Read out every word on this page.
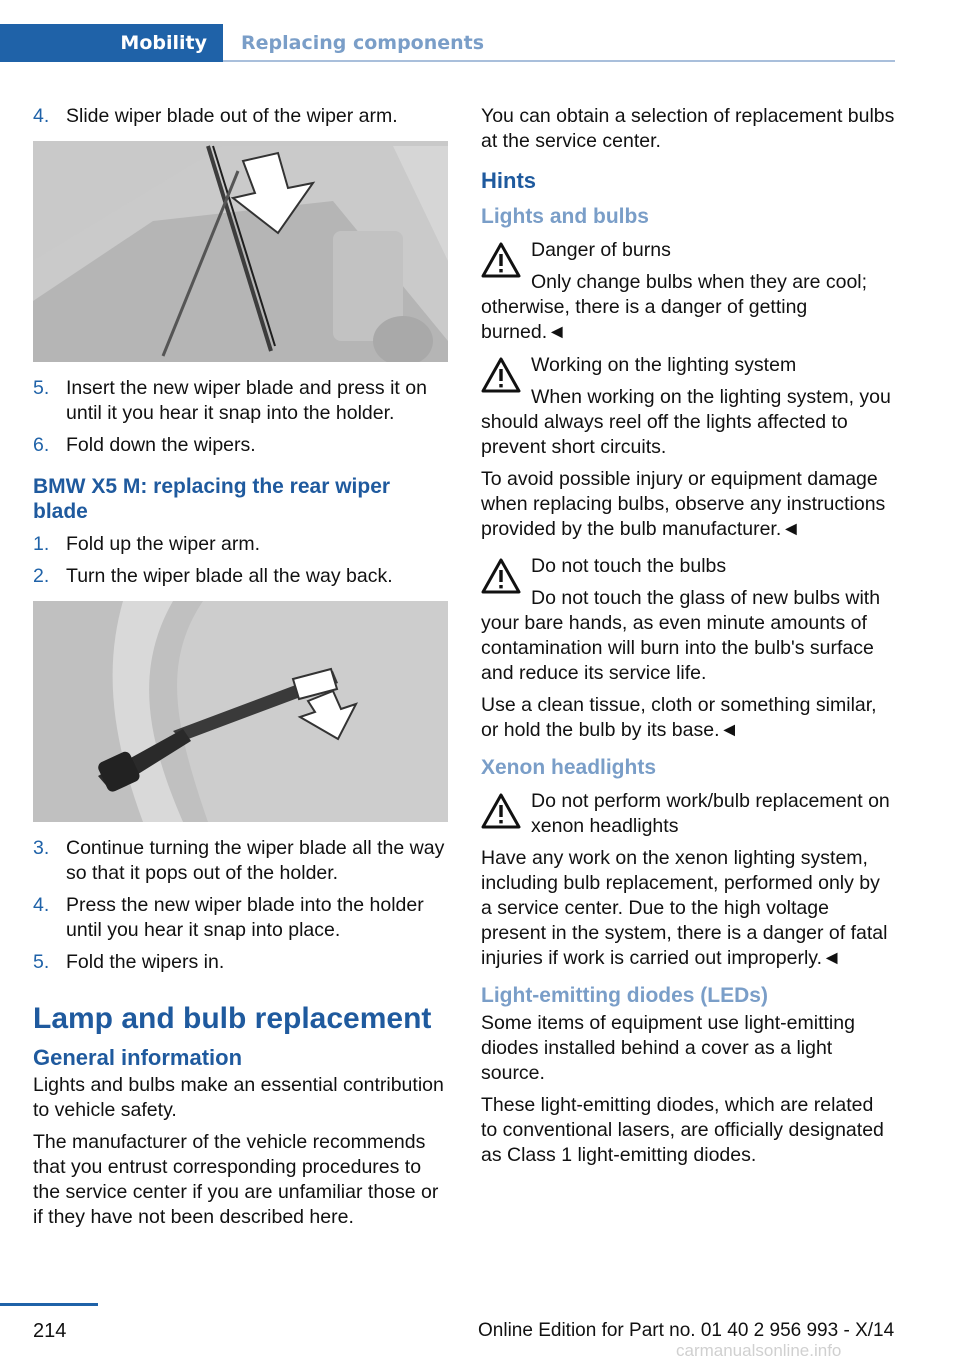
Mobility	Replacing components
4. Slide wiper blade out of the wiper arm.
5. Insert the new wiper blade and press it on until it you hear it snap into the holder.
6. Fold down the wipers.
BMW X5 M: replacing the rear wiper blade
1. Fold up the wiper arm.
2. Turn the wiper blade all the way back.
3. Continue turning the wiper blade all the way so that it pops out of the holder.
4. Press the new wiper blade into the holder until you hear it snap into place.
5. Fold the wipers in.
Lamp and bulb replacement
General information

Lights and bulbs make an essential contribution to vehicle safety.

The manufacturer of the vehicle recommends that you entrust corresponding procedures to the service center if you are unfamiliar those or if they have not been described here.

You can obtain a selection of replacement bulbs at the service center.

Hints
Lights and bulbs
Danger of burns
Only change bulbs when they are cool; otherwise, there is a danger of getting burned.◄
Working on the lighting system
When working on the lighting system, you should always reel off the lights affected to prevent short circuits.

To avoid possible injury or equipment damage when replacing bulbs, observe any instructions provided by the bulb manufacturer.◄

Do not touch the bulbs
Do not touch the glass of new bulbs with your bare hands, as even minute amounts of contamination will burn into the bulb's surface and reduce its service life.

Use a clean tissue, cloth or something similar, or hold the bulb by its base.◄

Xenon headlights
Do not perform work/bulb replacement on xenon headlights

Have any work on the xenon lighting system, including bulb replacement, performed only by a service center. Due to the high voltage present in the system, there is a danger of fatal injuries if work is carried out improperly.◄

Light-emitting diodes (LEDs)

Some items of equipment use light-emitting diodes installed behind a cover as a light source.

These light-emitting diodes, which are related to conventional lasers, are officially designated as Class 1 light-emitting diodes.

214	Online Edition for Part no. 01 40 2 956 993 - X/14
carmanualsonline.info
